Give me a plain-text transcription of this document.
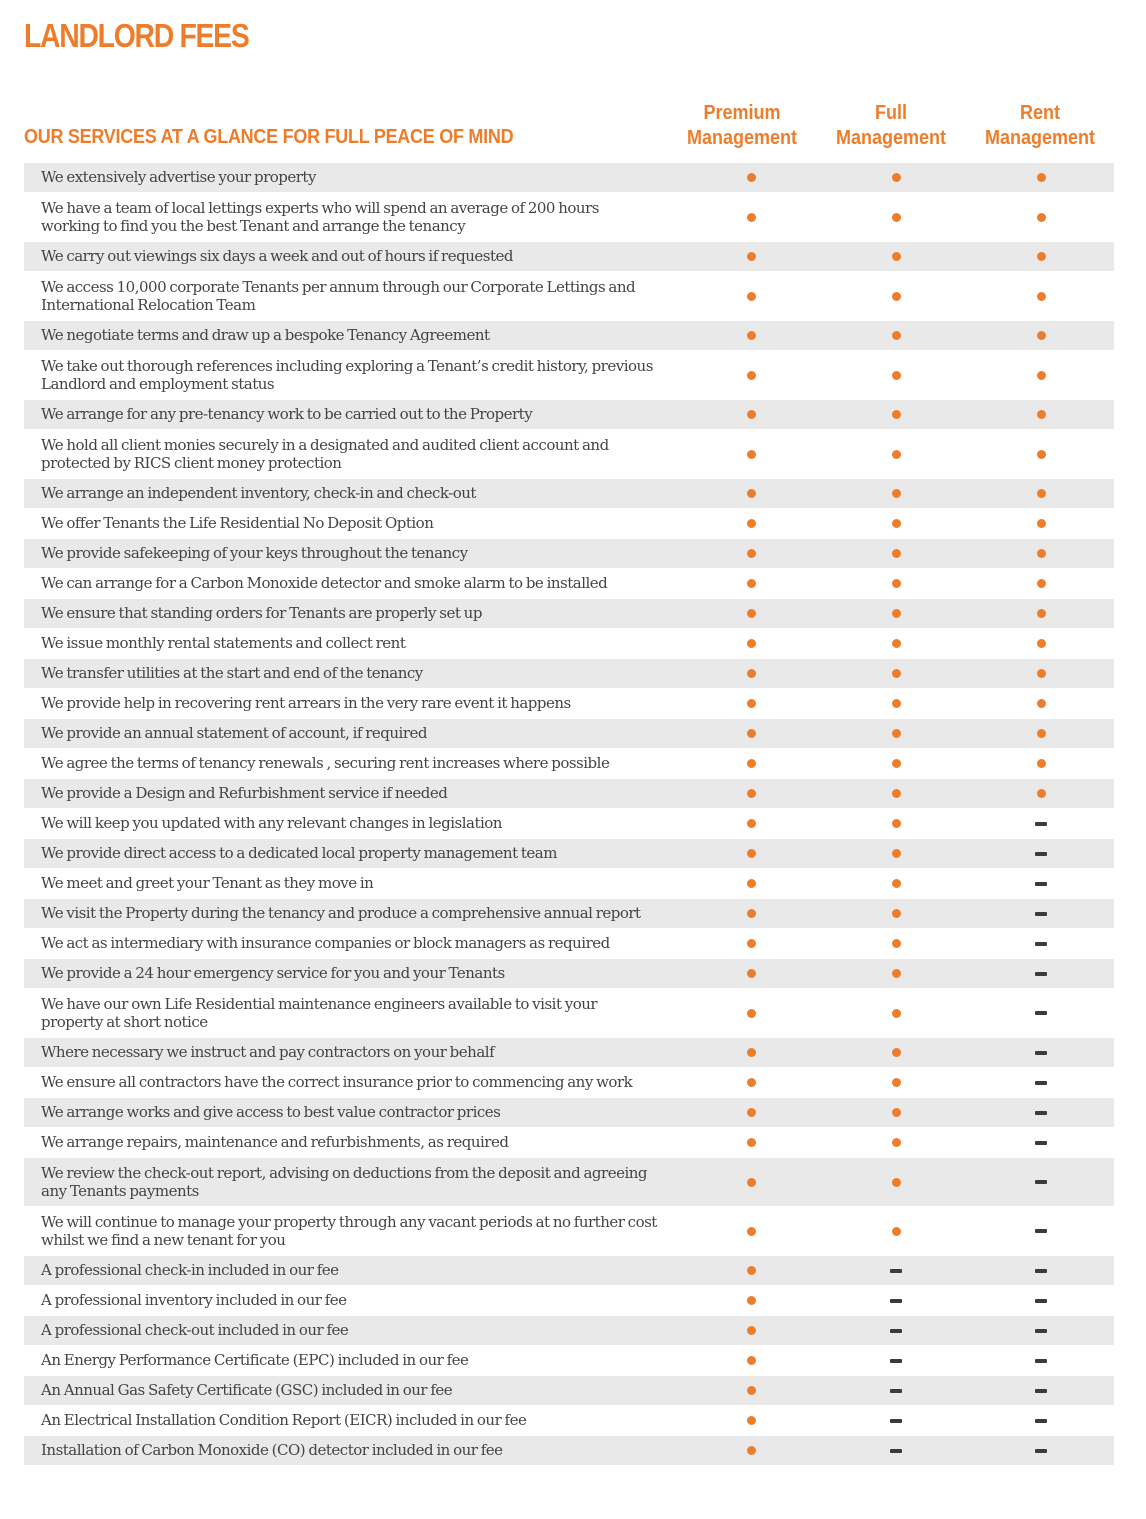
LANDLORD FEES
OUR SERVICES AT A GLANCE FOR FULL PEACE OF MIND
Premium
Management
Full
Management
Rent
Management
We extensively advertise your property
We have a team of local lettings experts who will spend an average of 200 hours working to find you the best Tenant and arrange the tenancy
We carry out viewings six days a week and out of hours if requested
We access 10,000 corporate Tenants per annum through our Corporate Lettings and International Relocation Team
We negotiate terms and draw up a bespoke Tenancy Agreement
We take out thorough references including exploring a Tenant’s credit history, previous Landlord and employment status
We arrange for any pre-tenancy work to be carried out to the Property
We hold all client monies securely in a designated and audited client account and protected by RICS client money protection
We arrange an independent inventory, check-in and check-out
We offer Tenants the Life Residential No Deposit Option
We provide safekeeping of your keys throughout the tenancy
We can arrange for a Carbon Monoxide detector and smoke alarm to be installed
We ensure that standing orders for Tenants are properly set up
We issue monthly rental statements and collect rent
We transfer utilities at the start and end of the tenancy
We provide help in recovering rent arrears in the very rare event it happens
We provide an annual statement of account, if required
We agree the terms of tenancy renewals , securing rent increases where possible
We provide a Design and Refurbishment service if needed
We will keep you updated with any relevant changes in legislation
We provide direct access to a dedicated local property management team
We meet and greet your Tenant as they move in
We visit the Property during the tenancy and produce a comprehensive annual report
We act as intermediary with insurance companies or block managers as required
We provide a 24 hour emergency service for you and your Tenants
We have our own Life Residential maintenance engineers available to visit your property at short notice
Where necessary we instruct and pay contractors on your behalf
We ensure all contractors have the correct insurance prior to commencing any work
We arrange works and give access to best value contractor prices
We arrange repairs, maintenance and refurbishments, as required
We review the check-out report, advising on deductions from the deposit and agreeing any Tenants payments
We will continue to manage your property through any vacant periods at no further cost whilst we find a new tenant for you
A professional check-in included in our fee
A professional inventory included in our fee
A professional check-out included in our fee
An Energy Performance Certificate (EPC) included in our fee
An Annual Gas Safety Certificate (GSC) included in our fee
An Electrical Installation Condition Report (EICR) included in our fee
Installation of Carbon Monoxide (CO) detector included in our fee
